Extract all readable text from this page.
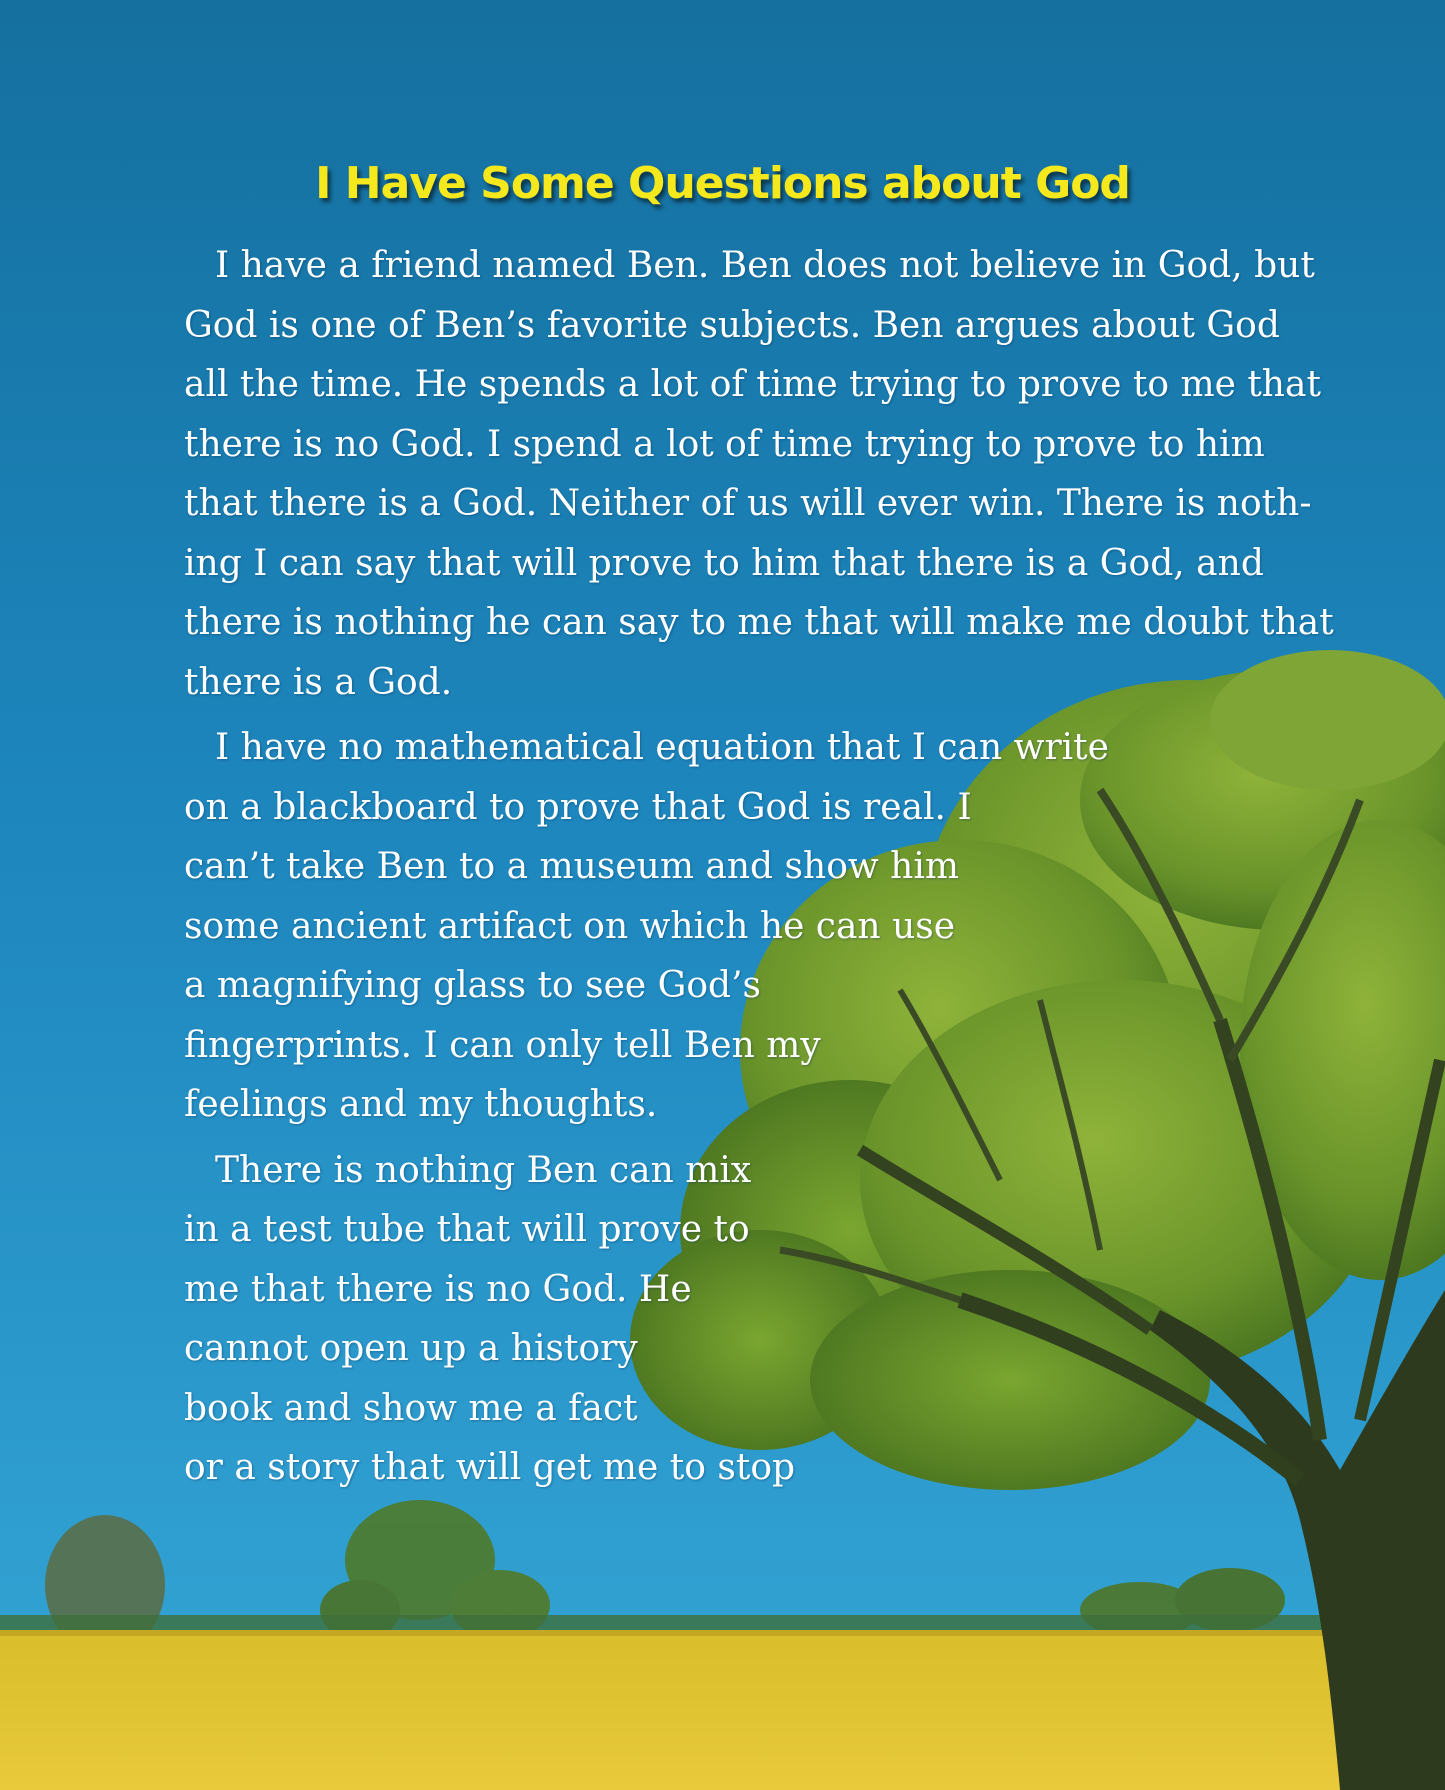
I Have Some Questions about God

I have a friend named Ben. Ben does not believe in God, but
God is one of Ben’s favorite subjects. Ben argues about God
all the time. He spends a lot of time trying to prove to me that
there is no God. I spend a lot of time trying to prove to him
that there is a God. Neither of us will ever win. There is noth-
ing I can say that will prove to him that there is a God, and
there is nothing he can say to me that will make me doubt that
there is a God.

I have no mathematical equation that I can write
on a blackboard to prove that God is real. I
can’t take Ben to a museum and show him
some ancient artifact on which he can use
a magnifying glass to see God’s
fingerprints. I can only tell Ben my
feelings and my thoughts.

There is nothing Ben can mix
in a test tube that will prove to
me that there is no God. He
cannot open up a history
book and show me a fact
or a story that will get me to stop
